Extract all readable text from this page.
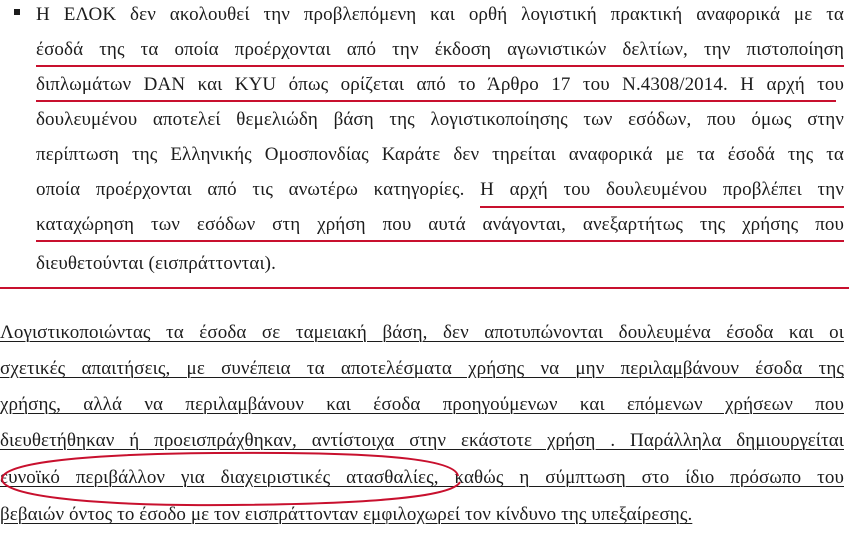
Η ΕΛΟΚ δεν ακολουθεί την προβλεπόμενη και ορθή λογιστική πρακτική αναφορικά με τα
έσοδά της τα οποία προέρχονται από την έκδοση αγωνιστικών δελτίων, την πιστοποίηση
διπλωμάτων DAN και KYU όπως ορίζεται από το Άρθρο 17 του Ν.4308/2014. Η αρχή του
δουλευμένου αποτελεί θεμελιώδη βάση της λογιστικοποίησης των εσόδων, που όμως στην
περίπτωση της Ελληνικής Ομοσπονδίας Καράτε δεν τηρείται αναφορικά με τα έσοδά της τα
οποία προέρχονται από τις ανωτέρω κατηγορίες. Η αρχή του δουλευμένου προβλέπει την
καταχώρηση των εσόδων στη χρήση που αυτά ανάγονται, ανεξαρτήτως της χρήσης που
διευθετούνται (εισπράττονται).
Λογιστικοποιώντας τα έσοδα σε ταμειακή βάση, δεν αποτυπώνονται δουλευμένα έσοδα και οι
σχετικές απαιτήσεις, με συνέπεια τα αποτελέσματα χρήσης να μην περιλαμβάνουν έσοδα της
χρήσης, αλλά να περιλαμβάνουν και έσοδα προηγούμενων και επόμενων χρήσεων που
διευθετήθηκαν ή προεισπράχθηκαν, αντίστοιχα στην εκάστοτε χρήση . Παράλληλα δημιουργείται
ευνοϊκό περιβάλλον για διαχειριστικές ατασθαλίες, καθώς η σύμπτωση στο ίδιο πρόσωπο του
βεβαιών όντος το έσοδο με τον εισπράττονταν εμφιλοχωρεί τον κίνδυνο της υπεξαίρεσης.
